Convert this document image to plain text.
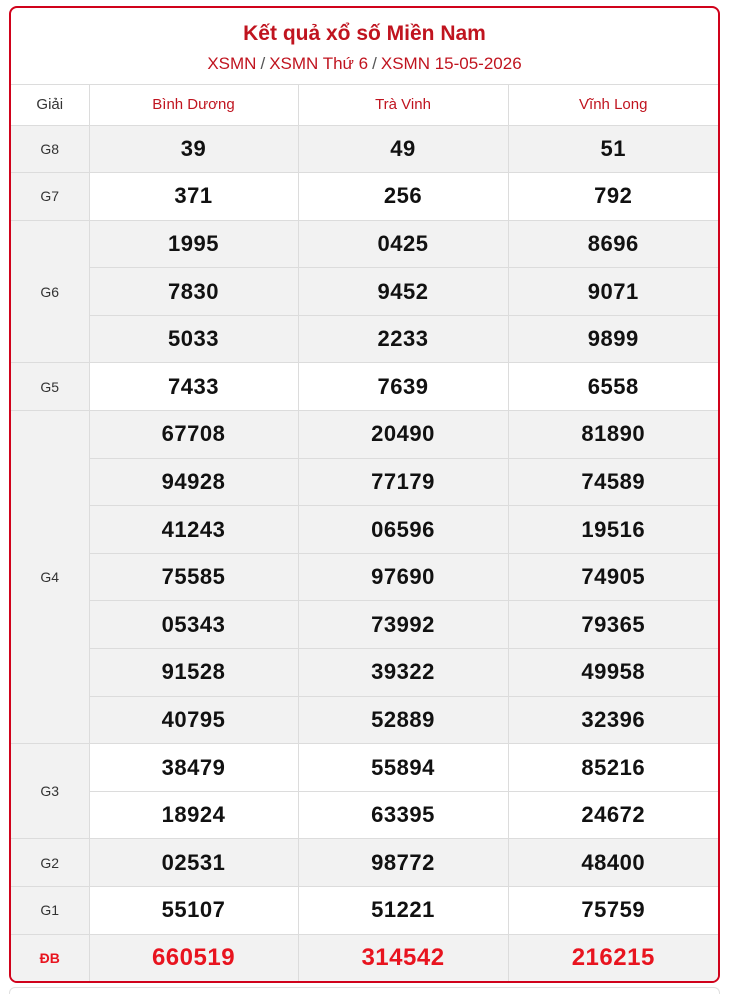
Kết quả xổ số Miền Nam
XSMN / XSMN Thứ 6 / XSMN 15-05-2026
Giải	Bình Dương	Trà Vinh	Vĩnh Long
G8	39	49	51
G7	371	256	792
G6	1995	0425	8696
	7830	9452	9071
	5033	2233	9899
G5	7433	7639	6558
G4	67708	20490	81890
	94928	77179	74589
	41243	06596	19516
	75585	97690	74905
	05343	73992	79365
	91528	39322	49958
	40795	52889	32396
G3	38479	55894	85216
	18924	63395	24672
G2	02531	98772	48400
G1	55107	51221	75759
ĐB	660519	314542	216215
